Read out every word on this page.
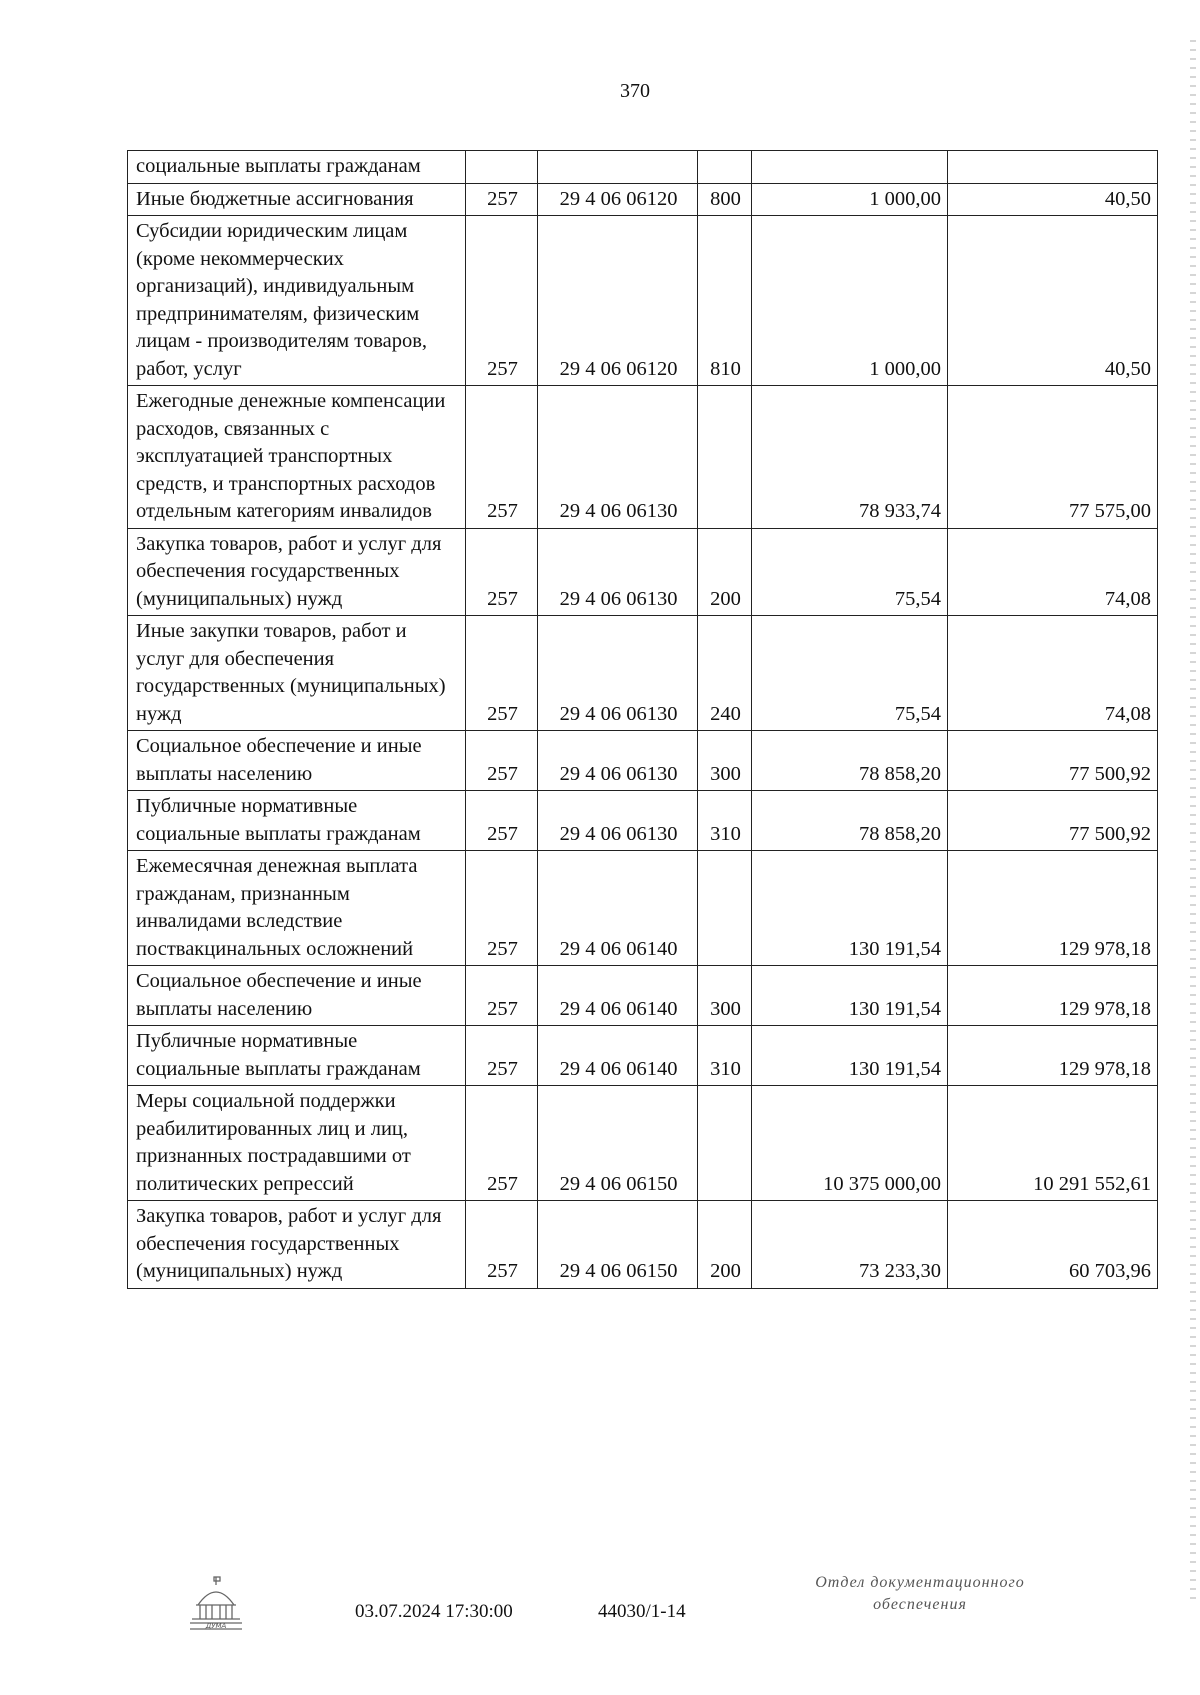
370
социальные выплаты гражданам					
Иные бюджетные ассигнования	257	29 4 06 06120	800	1 000,00	40,50
Субсидии юридическим лицам (кроме некоммерческих организаций), индивидуальным предпринимателям, физическим лицам - производителям товаров, работ, услуг	257	29 4 06 06120	810	1 000,00	40,50
Ежегодные денежные компенсации расходов, связанных с эксплуатацией транспортных средств, и транспортных расходов отдельным категориям инвалидов	257	29 4 06 06130		78 933,74	77 575,00
Закупка товаров, работ и услуг для обеспечения государственных (муниципальных) нужд	257	29 4 06 06130	200	75,54	74,08
Иные закупки товаров, работ и услуг для обеспечения государственных (муниципальных) нужд	257	29 4 06 06130	240	75,54	74,08
Социальное обеспечение и иные выплаты населению	257	29 4 06 06130	300	78 858,20	77 500,92
Публичные нормативные социальные выплаты гражданам	257	29 4 06 06130	310	78 858,20	77 500,92
Ежемесячная денежная выплата гражданам, признанным инвалидами вследствие поствакцинальных осложнений	257	29 4 06 06140		130 191,54	129 978,18
Социальное обеспечение и иные выплаты населению	257	29 4 06 06140	300	130 191,54	129 978,18
Публичные нормативные социальные выплаты гражданам	257	29 4 06 06140	310	130 191,54	129 978,18
Меры социальной поддержки реабилитированных лиц и лиц, признанных пострадавшими от политических репрессий	257	29 4 06 06150		10 375 000,00	10 291 552,61
Закупка товаров, работ и услуг для обеспечения государственных (муниципальных) нужд	257	29 4 06 06150	200	73 233,30	60 703,96
ДУМА
03.07.2024 17:30:00	44030/1-14
Отдел документационного
обеспечения
